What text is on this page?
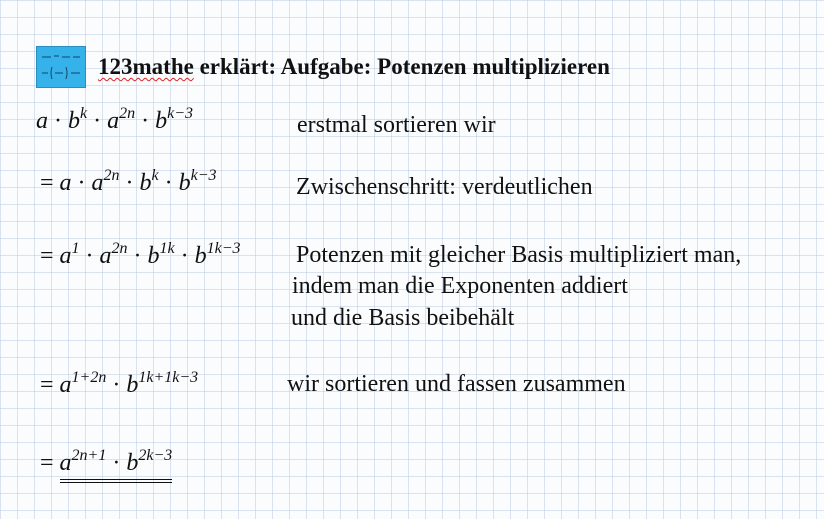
123mathe erklärt: Aufgabe: Potenzen multiplizieren
$a \cdot b^k \cdot a^{2n} \cdot b^{k-3}$	erstmal sortieren wir
= $a \cdot a^{2n} \cdot b^k \cdot b^{k-3}$	Zwischenschritt: verdeutlichen
= $a^1 \cdot a^{2n} \cdot b^{1k} \cdot b^{1k-3}$ Potenzen mit gleicher Basis multipliziert man,
indem man die Exponenten addiert
und die Basis beibehält
= $a^{1+2n} \cdot b^{1k+1k-3}$	wir sortieren und fassen zusammen
= $a^{2n+1} \cdot b^{2k-3}$
